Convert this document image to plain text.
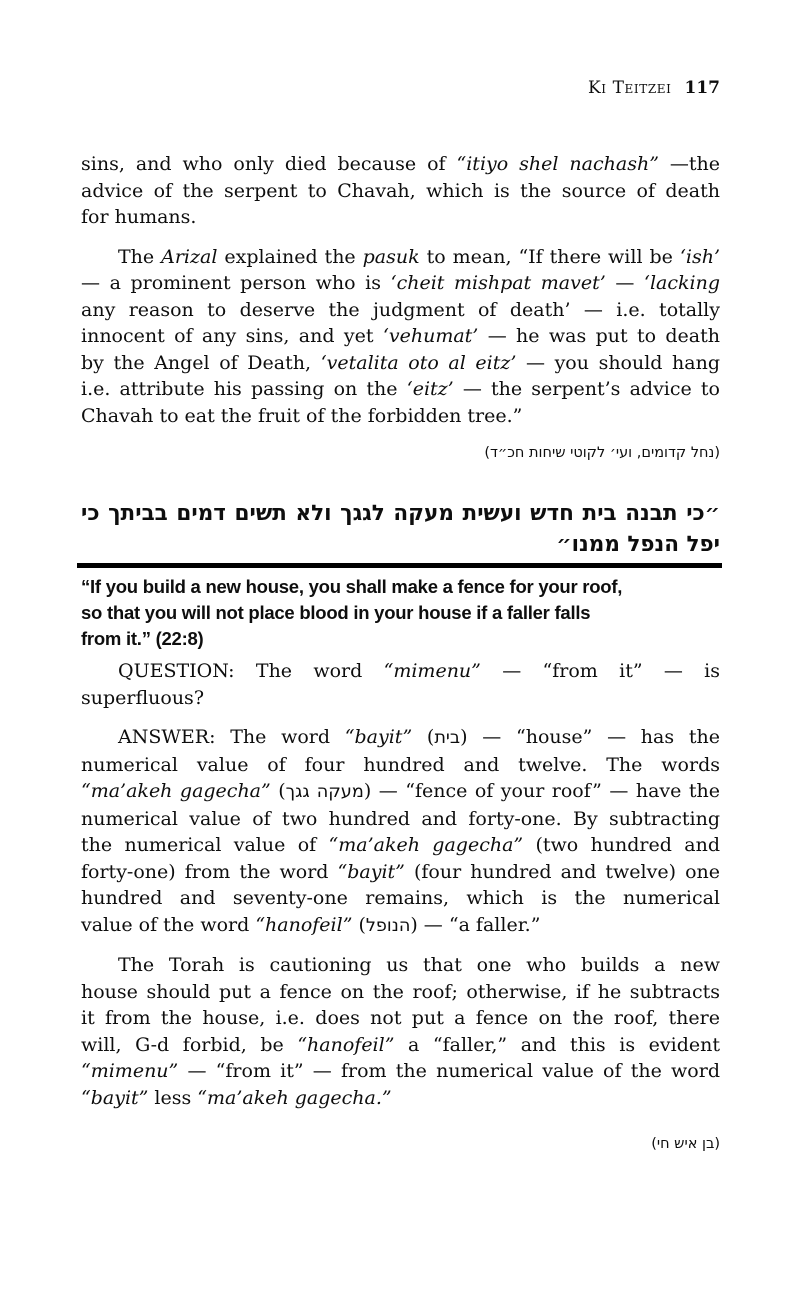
Ki Teitzei 117

sins, and who only died because of “itiyo shel nachash” —the
advice of the serpent to Chavah, which is the source of death
for humans.

The Arizal explained the pasuk to mean, “If there will be ‘ish’
— a prominent person who is ‘cheit mishpat mavet’ — ‘lacking
any reason to deserve the judgment of death’ — i.e. totally
innocent of any sins, and yet ‘vehumat’ — he was put to death
by the Angel of Death, ‘vetalita oto al eitz’ — you should hang
i.e. attribute his passing on the ‘eitz’ — the serpent’s advice to
Chavah to eat the fruit of the forbidden tree.”

(נחל קדומים, ועי׳ לקוטי שיחות חכ״ד)

״כי תבנה בית חדש ועשית מעקה לגגך ולא תשים דמים בביתך כי
יפל הנפל ממנו״

“If you build a new house, you shall make a fence for your roof,
so that you will not place blood in your house if a faller falls
from it.” (22:8)

QUESTION: The word “mimenu” — “from it” — is
superfluous?

ANSWER: The word “bayit” (בית) — “house” — has the
numerical value of four hundred and twelve. The words
“ma’akeh gagecha” (מעקה גגך) — “fence of your roof” — have the
numerical value of two hundred and forty-one. By subtracting
the numerical value of “ma’akeh gagecha” (two hundred and
forty-one) from the word “bayit” (four hundred and twelve) one
hundred and seventy-one remains, which is the numerical
value of the word “hanofeil” (הנופל) — “a faller.”

The Torah is cautioning us that one who builds a new
house should put a fence on the roof; otherwise, if he subtracts
it from the house, i.e. does not put a fence on the roof, there
will, G-d forbid, be “hanofeil” a “faller,” and this is evident
“mimenu” — “from it” — from the numerical value of the word
“bayit” less “ma’akeh gagecha.”

(בן איש חי)
